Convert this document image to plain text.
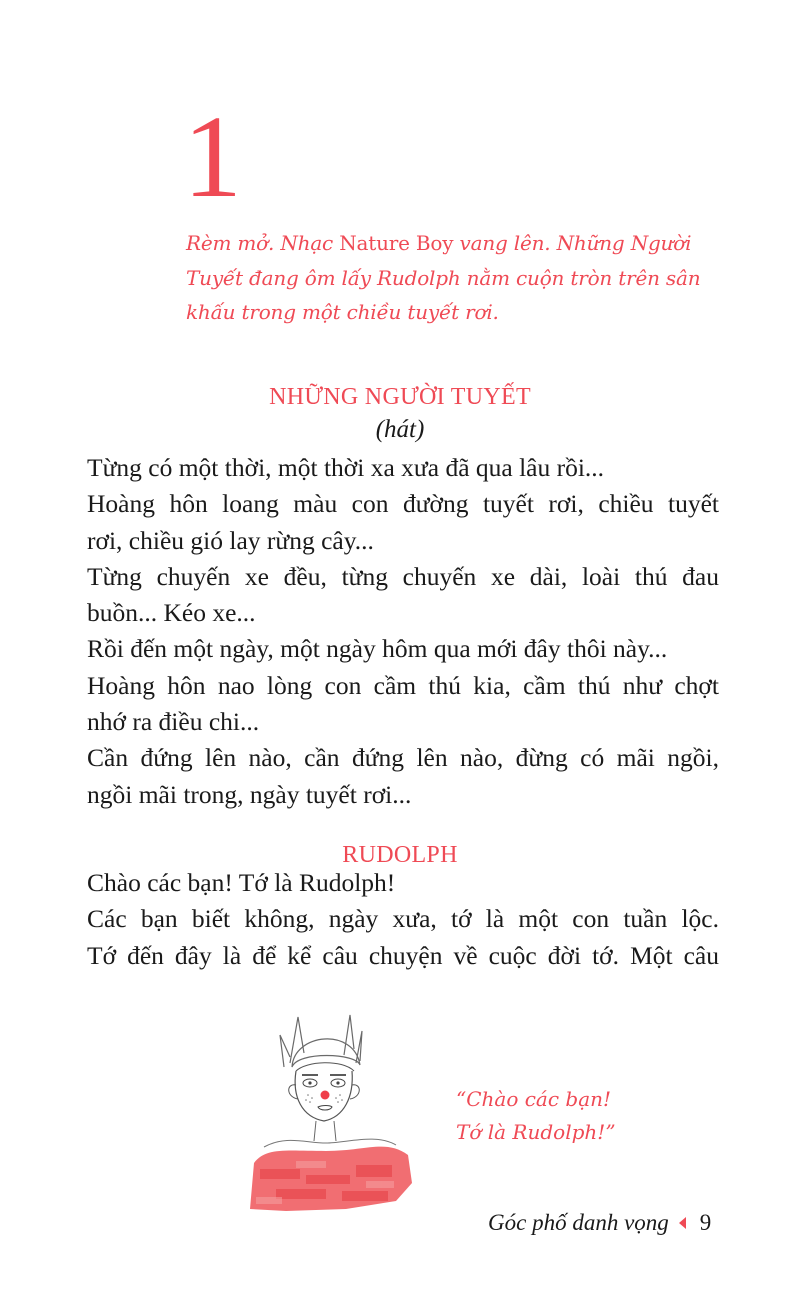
1
Rèm mở. Nhạc Nature Boy vang lên. Những Người Tuyết đang ôm lấy Rudolph nằm cuộn tròn trên sân khấu trong một chiều tuyết rơi.
NHỮNG NGƯỜI TUYẾT
(hát)
Từng có một thời, một thời xa xưa đã qua lâu rồi...
Hoàng hôn loang màu con đường tuyết rơi, chiều tuyết
rơi, chiều gió lay rừng cây...
Từng chuyến xe đều, từng chuyến xe dài, loài thú đau
buồn... Kéo xe...
Rồi đến một ngày, một ngày hôm qua mới đây thôi này...
Hoàng hôn nao lòng con cầm thú kia, cầm thú như chợt
nhớ ra điều chi...
Cần đứng lên nào, cần đứng lên nào, đừng có mãi ngồi,
ngồi mãi trong, ngày tuyết rơi...
RUDOLPH
Chào các bạn! Tớ là Rudolph!
Các bạn biết không, ngày xưa, tớ là một con tuần lộc.
Tớ đến đây là để kể câu chuyện về cuộc đời tớ. Một câu
“Chào các bạn!
Tớ là Rudolph!”
Góc phố danh vọng 9
